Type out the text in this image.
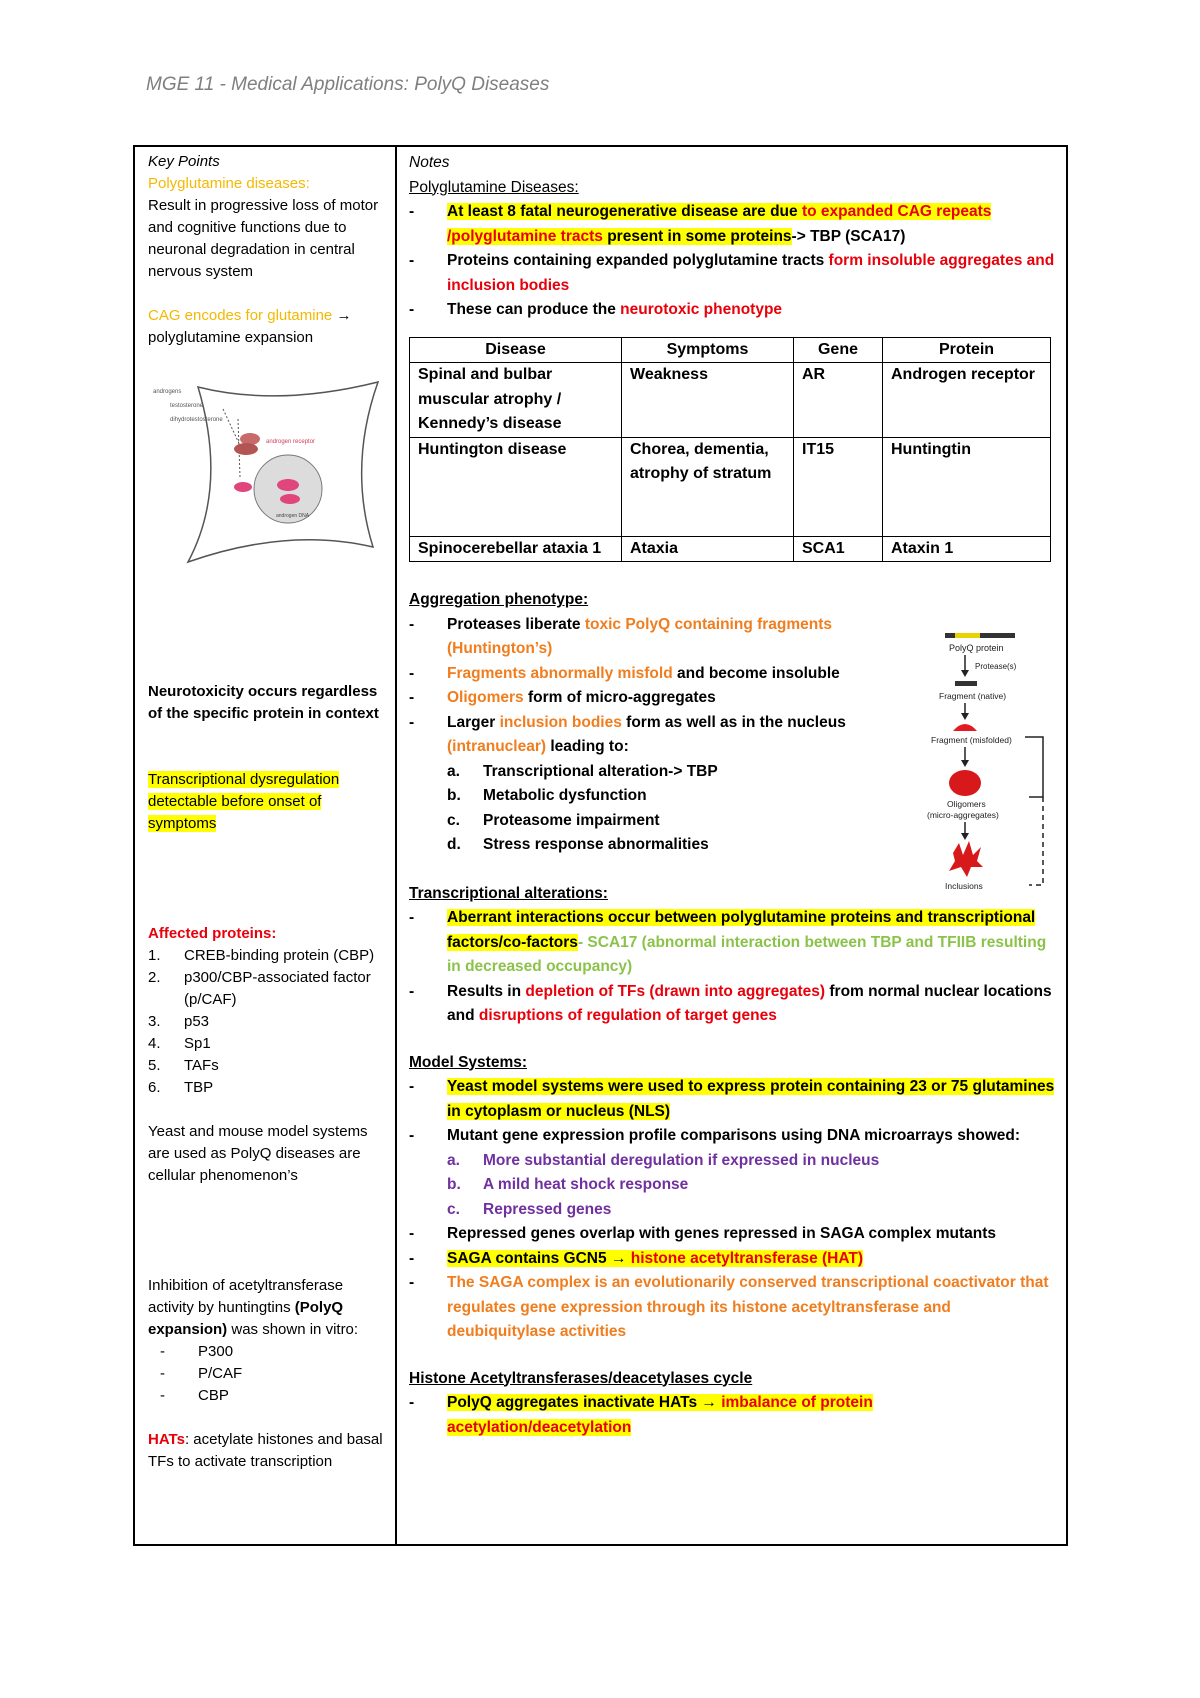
MGE 11 - Medical Applications: PolyQ Diseases
Key Points
Polyglutamine diseases:
Result in progressive loss of motor and cognitive functions due to neuronal degradation in central nervous system
CAG encodes for glutamine → polyglutamine expansion
androgens
testosterone
dihydrotestosterone
androgen receptor
androgen DNA
Neurotoxicity occurs regardless of the specific protein in context
Transcriptional dysregulation detectable before onset of symptoms
Affected proteins:
1. CREB-binding protein (CBP)
2. p300/CBP-associated factor (p/CAF)
3. p53
4. Sp1
5. TAFs
6. TBP
Yeast and mouse model systems are used as PolyQ diseases are cellular phenomenon’s
Inhibition of acetyltransferase activity by huntingtins (PolyQ expansion) was shown in vitro:
- P300
- P/CAF
- CBP
HATs: acetylate histones and basal TFs to activate transcription
Notes
Polyglutamine Diseases:
- At least 8 fatal neurogenerative disease are due to expanded CAG repeats /polyglutamine tracts present in some proteins-> TBP (SCA17)
- Proteins containing expanded polyglutamine tracts form insoluble aggregates and inclusion bodies
- These can produce the neurotoxic phenotype
Disease	Symptoms	Gene	Protein
Spinal and bulbar muscular atrophy / Kennedy’s disease	Weakness	AR	Androgen receptor
Huntington disease	Chorea, dementia, atrophy of stratum	IT15	Huntingtin
Spinocerebellar ataxia 1	Ataxia	SCA1	Ataxin 1
Aggregation phenotype:
- Proteases liberate toxic PolyQ containing fragments (Huntington’s)
- Fragments abnormally misfold and become insoluble
- Oligomers form of micro-aggregates
- Larger inclusion bodies form as well as in the nucleus (intranuclear) leading to:
a. Transcriptional alteration-> TBP
b. Metabolic dysfunction
c. Proteasome impairment
d. Stress response abnormalities
Transcriptional alterations:
- Aberrant interactions occur between polyglutamine proteins and transcriptional factors/co-factors- SCA17 (abnormal interaction between TBP and TFIIB resulting in decreased occupancy)
- Results in depletion of TFs (drawn into aggregates) from normal nuclear locations and disruptions of regulation of target genes
Model Systems:
- Yeast model systems were used to express protein containing 23 or 75 glutamines in cytoplasm or nucleus (NLS)
- Mutant gene expression profile comparisons using DNA microarrays showed:
a. More substantial deregulation if expressed in nucleus
b. A mild heat shock response
c. Repressed genes
- Repressed genes overlap with genes repressed in SAGA complex mutants
- SAGA contains GCN5 → histone acetyltransferase (HAT)
- The SAGA complex is an evolutionarily conserved transcriptional coactivator that regulates gene expression through its histone acetyltransferase and deubiquitylase activities
Histone Acetyltransferases/deacetylases cycle
- PolyQ aggregates inactivate HATs → imbalance of protein acetylation/deacetylation
PolyQ protein
Protease(s)
Fragment (native)
Fragment (misfolded)
Oligomers
(micro-aggregates)
Inclusions
